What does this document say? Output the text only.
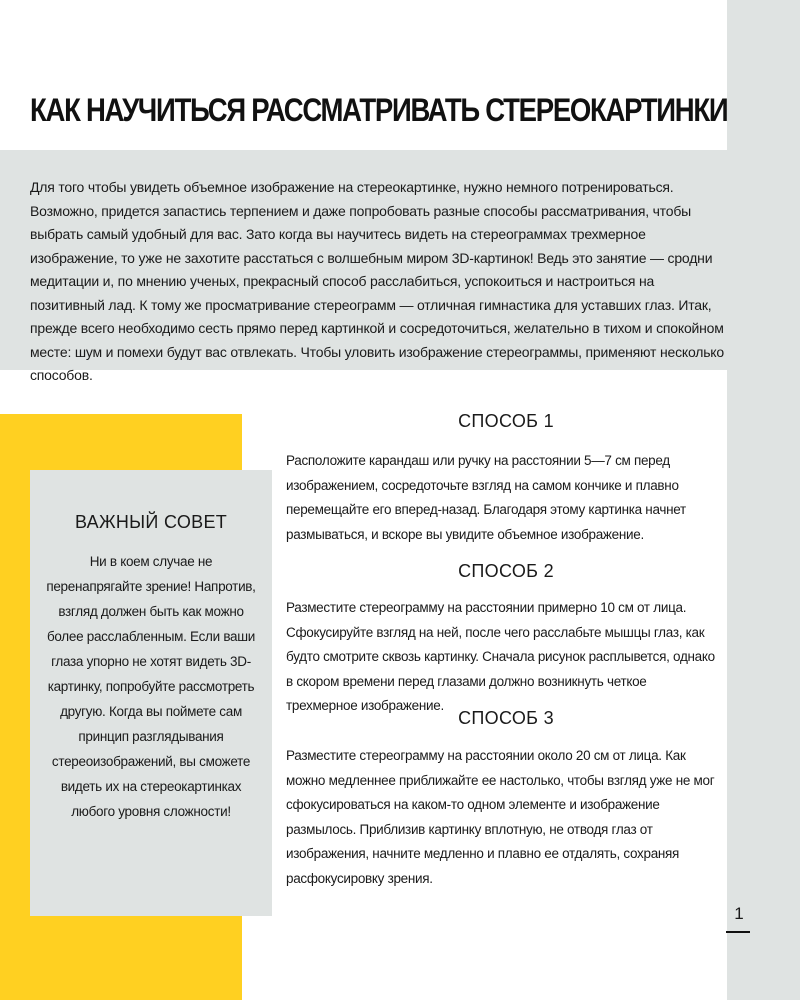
КАК НАУЧИТЬСЯ РАССМАТРИВАТЬ СТЕРЕОКАРТИНКИ

Для того чтобы увидеть объемное изображение на стереокартинке, нужно немного потренироваться. Возможно, придется запастись терпением и даже попробовать разные способы рассматривания, чтобы выбрать самый удобный для вас. Зато когда вы научитесь видеть на стереограммах трехмерное изображение, то уже не захотите расстаться с волшебным миром 3D-картинок! Ведь это занятие — сродни медитации и, по мнению ученых, прекрасный способ расслабиться, успокоиться и настроиться на позитивный лад. К тому же просматривание стереограмм — отличная гимнастика для уставших глаз. Итак, прежде всего необходимо сесть прямо перед картинкой и сосредоточиться, желательно в тихом и спокойном месте: шум и помехи будут вас отвлекать. Чтобы уловить изображение стереограммы, применяют несколько способов.

ВАЖНЫЙ СОВЕТ

Ни в коем случае не перенапрягайте зрение! Напротив, взгляд должен быть как можно более расслабленным. Если ваши глаза упорно не хотят видеть 3D-картинку, попробуйте рассмотреть другую. Когда вы поймете сам принцип разглядывания стереоизображений, вы сможете видеть их на стереокартинках любого уровня сложности!

СПОСОБ 1

Расположите карандаш или ручку на расстоянии 5—7 см перед изображением, сосредоточьте взгляд на самом кончике и плавно перемещайте его вперед-назад. Благодаря этому картинка начнет размываться, и вскоре вы увидите объемное изображение.

СПОСОБ 2

Разместите стереограмму на расстоянии примерно 10 см от лица. Сфокусируйте взгляд на ней, после чего расслабьте мышцы глаз, как будто смотрите сквозь картинку. Сначала рисунок расплывется, однако в скором времени перед глазами должно возникнуть четкое трехмерное изображение.

СПОСОБ 3

Разместите стереограмму на расстоянии около 20 см от лица. Как можно медленнее приближайте ее настолько, чтобы взгляд уже не мог сфокусироваться на каком-то одном элементе и изображение размылось. Приблизив картинку вплотную, не отводя глаз от изображения, начните медленно и плавно ее отдалять, сохраняя расфокусировку зрения.

1
